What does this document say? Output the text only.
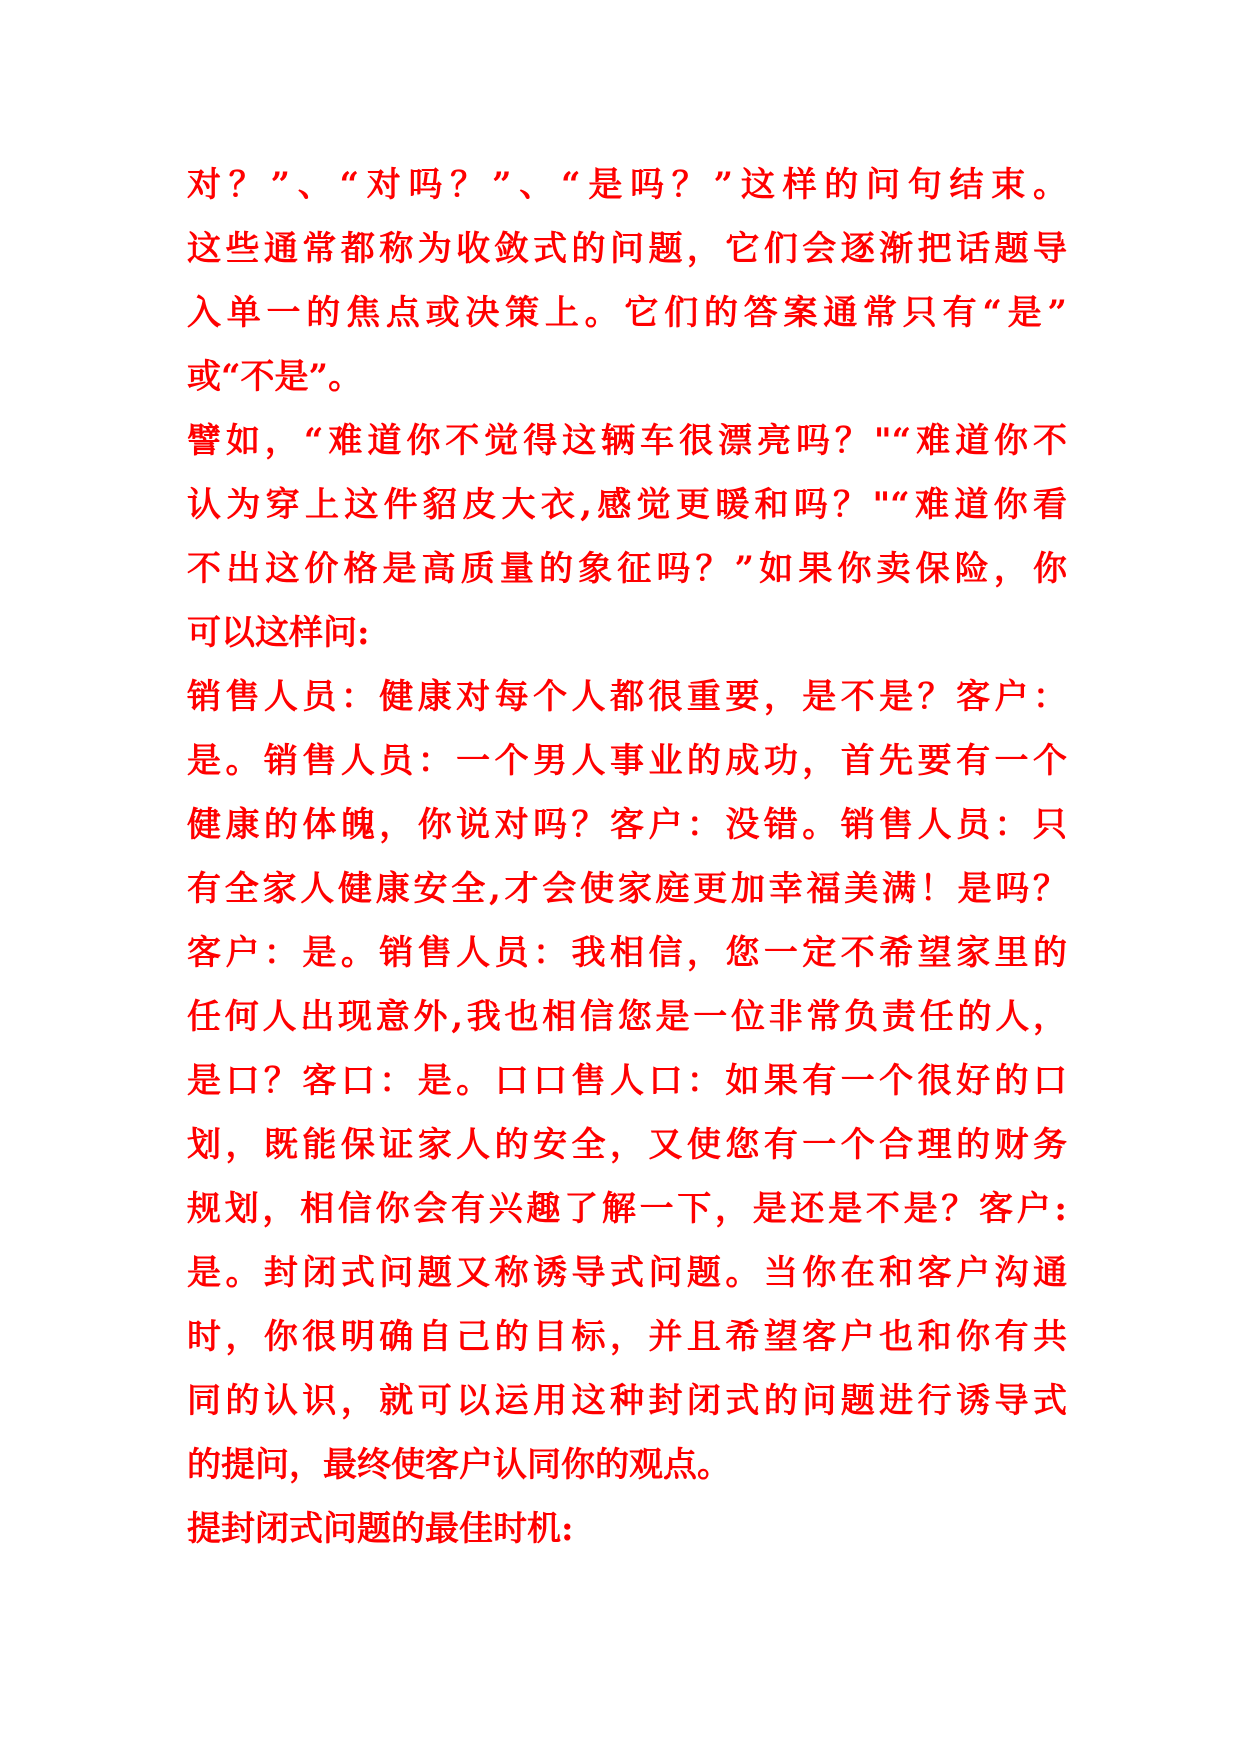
对？”、“对吗？”、“是吗？”这样的问句结束。
这些通常都称为收敛式的问题，它们会逐渐把话题导
入单一的焦点或决策上。它们的答案通常只有“是”
或“不是”。
譬如，“难道你不觉得这辆车很漂亮吗？"“难道你不
认为穿上这件貂皮大衣,感觉更暖和吗？"“难道你看
不出这价格是高质量的象征吗？”如果你卖保险，你
可以这样问:
销售人员：健康对每个人都很重要，是不是？客户：
是。销售人员：一个男人事业的成功，首先要有一个
健康的体魄，你说对吗？客户：没错。销售人员：只
有全家人健康安全,才会使家庭更加幸福美满！是吗？
客户：是。销售人员：我相信，您一定不希望家里的
任何人出现意外,我也相信您是一位非常负责任的人，
是口？客口：是。口口售人口：如果有一个很好的口
划，既能保证家人的安全，又使您有一个合理的财务
规划，相信你会有兴趣了解一下，是还是不是？客户:
是。封闭式问题又称诱导式问题。当你在和客户沟通
时，你很明确自己的目标，并且希望客户也和你有共
同的认识，就可以运用这种封闭式的问题进行诱导式
的提问，最终使客户认同你的观点。
提封闭式问题的最佳时机:
